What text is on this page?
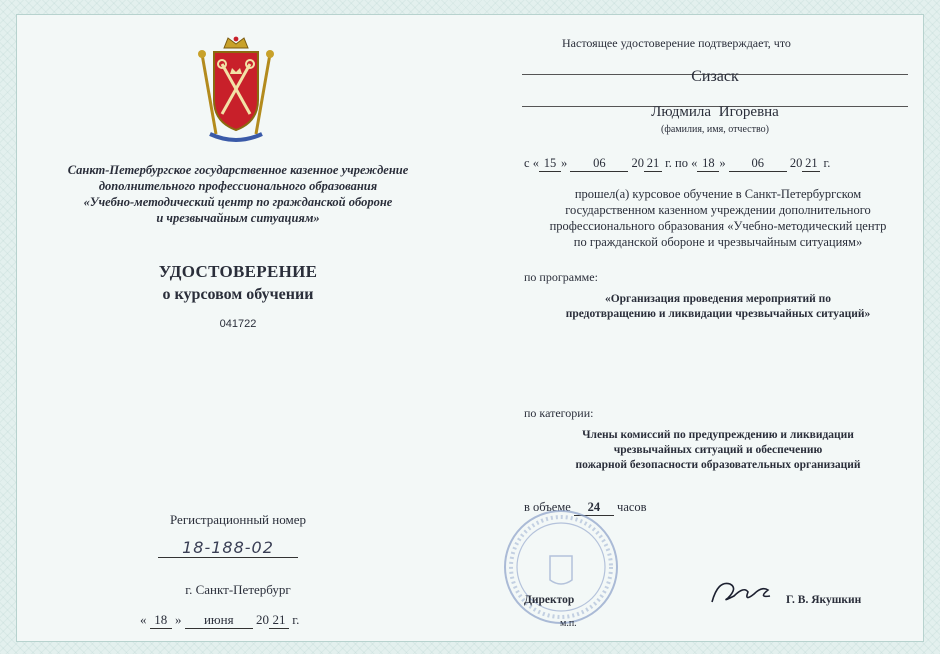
Санкт-Петербургское государственное казенное учреждение
дополнительного профессионального образования
«Учебно-методический центр по гражданской обороне
и чрезвычайным ситуациям»
УДОСТОВЕРЕНИЕ
о курсовом обучении
041722
Регистрационный номер
18-188-02
г. Санкт-Петербург
« 18 » июня 20 21 г.
Настоящее удостоверение подтверждает, что
Сизаск
Людмила Игоревна
(фамилия, имя, отчество)
с « 15 » 06 20 21 г. по « 18 » 06 20 21 г.
прошел(а) курсовое обучение в Санкт-Петербургском
государственном казенном учреждении дополнительного
профессионального образования «Учебно-методический центр
по гражданской обороне и чрезвычайным ситуациям»
по программе:
«Организация проведения мероприятий по
предотвращению и ликвидации чрезвычайных ситуаций»
по категории:
Члены комиссий по предупреждению и ликвидации
чрезвычайных ситуаций и обеспечению
пожарной безопасности образовательных организаций
в объеме 24 часов
Директор
м.п.
Г. В. Якушкин
